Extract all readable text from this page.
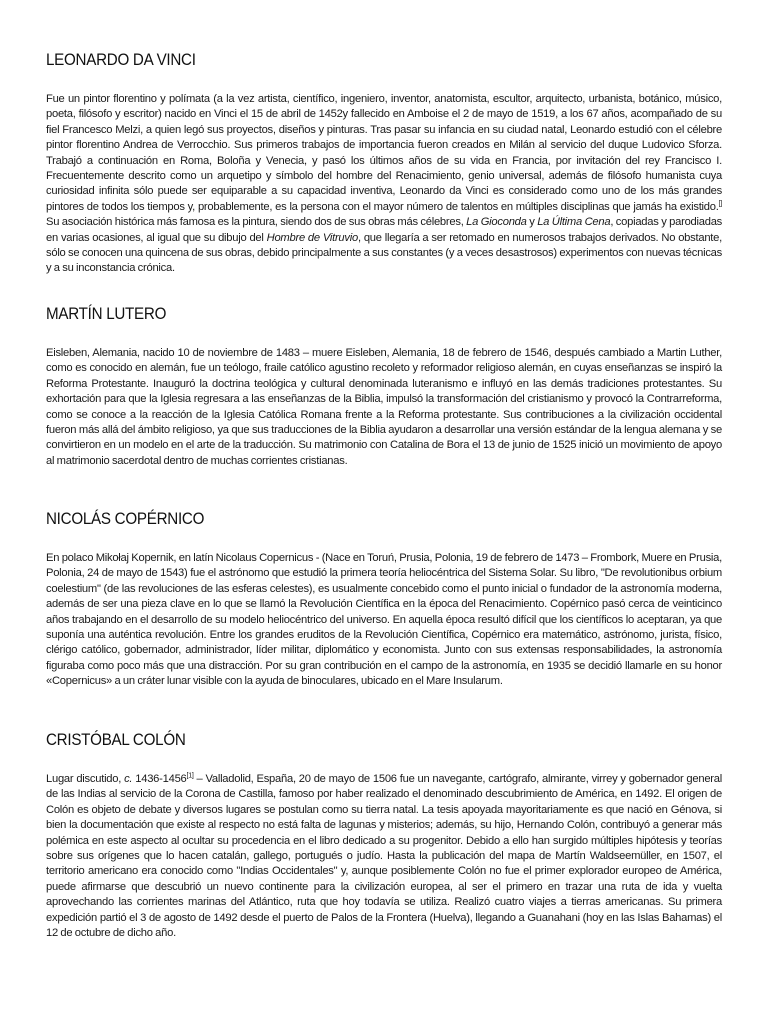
LEONARDO DA VINCI

Fue un pintor florentino y polímata (a la vez artista, científico, ingeniero, inventor, anatomista, escultor, arquitecto, urbanista, botánico, músico, poeta, filósofo y escritor) nacido en Vinci el 15 de abril de 1452y fallecido en Amboise el 2 de mayo de 1519, a los 67 años, acompañado de su fiel Francesco Melzi, a quien legó sus proyectos, diseños y pinturas. Tras pasar su infancia en su ciudad natal, Leonardo estudió con el célebre pintor florentino Andrea de Verrocchio. Sus primeros trabajos de importancia fueron creados en Milán al servicio del duque Ludovico Sforza. Trabajó a continuación en Roma, Boloña y Venecia, y pasó los últimos años de su vida en Francia, por invitación del rey Francisco I. Frecuentemente descrito como un arquetipo y símbolo del hombre del Renacimiento, genio universal, además de filósofo humanista cuya curiosidad infinita sólo puede ser equiparable a su capacidad inventiva, Leonardo da Vinci es considerado como uno de los más grandes pintores de todos los tiempos y, probablemente, es la persona con el mayor número de talentos en múltiples disciplinas que jamás ha existido.[] Su asociación histórica más famosa es la pintura, siendo dos de sus obras más célebres, La Gioconda y La Última Cena, copiadas y parodiadas en varias ocasiones, al igual que su dibujo del Hombre de Vitruvio, que llegaría a ser retomado en numerosos trabajos derivados. No obstante, sólo se conocen una quincena de sus obras, debido principalmente a sus constantes (y a veces desastrosos) experimentos con nuevas técnicas y a su inconstancia crónica.

MARTÍN LUTERO

Eisleben, Alemania, nacido 10 de noviembre de 1483 – muere Eisleben, Alemania, 18 de febrero de 1546, después cambiado a Martin Luther, como es conocido en alemán, fue un teólogo, fraile católico agustino recoleto y reformador religioso alemán, en cuyas enseñanzas se inspiró la Reforma Protestante. Inauguró la doctrina teológica y cultural denominada luteranismo e influyó en las demás tradiciones protestantes. Su exhortación para que la Iglesia regresara a las enseñanzas de la Biblia, impulsó la transformación del cristianismo y provocó la Contrarreforma, como se conoce a la reacción de la Iglesia Católica Romana frente a la Reforma protestante. Sus contribuciones a la civilización occidental fueron más allá del ámbito religioso, ya que sus traducciones de la Biblia ayudaron a desarrollar una versión estándar de la lengua alemana y se convirtieron en un modelo en el arte de la traducción. Su matrimonio con Catalina de Bora el 13 de junio de 1525 inició un movimiento de apoyo al matrimonio sacerdotal dentro de muchas corrientes cristianas.

NICOLÁS COPÉRNICO

En polaco Mikołaj Kopernik, en latín Nicolaus Copernicus - (Nace en Toruń, Prusia, Polonia, 19 de febrero de 1473 – Frombork, Muere en Prusia, Polonia, 24 de mayo de 1543) fue el astrónomo que estudió la primera teoría heliocéntrica del Sistema Solar. Su libro, "De revolutionibus orbium coelestium" (de las revoluciones de las esferas celestes), es usualmente concebido como el punto inicial o fundador de la astronomía moderna, además de ser una pieza clave en lo que se llamó la Revolución Científica en la época del Renacimiento. Copérnico pasó cerca de veinticinco años trabajando en el desarrollo de su modelo heliocéntrico del universo. En aquella época resultó difícil que los científicos lo aceptaran, ya que suponía una auténtica revolución. Entre los grandes eruditos de la Revolución Científica, Copérnico era matemático, astrónomo, jurista, físico, clérigo católico, gobernador, administrador, líder militar, diplomático y economista. Junto con sus extensas responsabilidades, la astronomía figuraba como poco más que una distracción. Por su gran contribución en el campo de la astronomía, en 1935 se decidió llamarle en su honor «Copernicus» a un cráter lunar visible con la ayuda de binoculares, ubicado en el Mare Insularum.

CRISTÓBAL COLÓN

Lugar discutido, c. 1436-1456[1] – Valladolid, España, 20 de mayo de 1506 fue un navegante, cartógrafo, almirante, virrey y gobernador general de las Indias al servicio de la Corona de Castilla, famoso por haber realizado el denominado descubrimiento de América, en 1492. El origen de Colón es objeto de debate y diversos lugares se postulan como su tierra natal. La tesis apoyada mayoritariamente es que nació en Génova, si bien la documentación que existe al respecto no está falta de lagunas y misterios; además, su hijo, Hernando Colón, contribuyó a generar más polémica en este aspecto al ocultar su procedencia en el libro dedicado a su progenitor. Debido a ello han surgido múltiples hipótesis y teorías sobre sus orígenes que lo hacen catalán, gallego, portugués o judío. Hasta la publicación del mapa de Martín Waldseemüller, en 1507, el territorio americano era conocido como "Indias Occidentales" y, aunque posiblemente Colón no fue el primer explorador europeo de América, puede afirmarse que descubrió un nuevo continente para la civilización europea, al ser el primero en trazar una ruta de ida y vuelta aprovechando las corrientes marinas del Atlántico, ruta que hoy todavía se utiliza. Realizó cuatro viajes a tierras americanas. Su primera expedición partió el 3 de agosto de 1492 desde el puerto de Palos de la Frontera (Huelva), llegando a Guanahani (hoy en las Islas Bahamas) el 12 de octubre de dicho año.
